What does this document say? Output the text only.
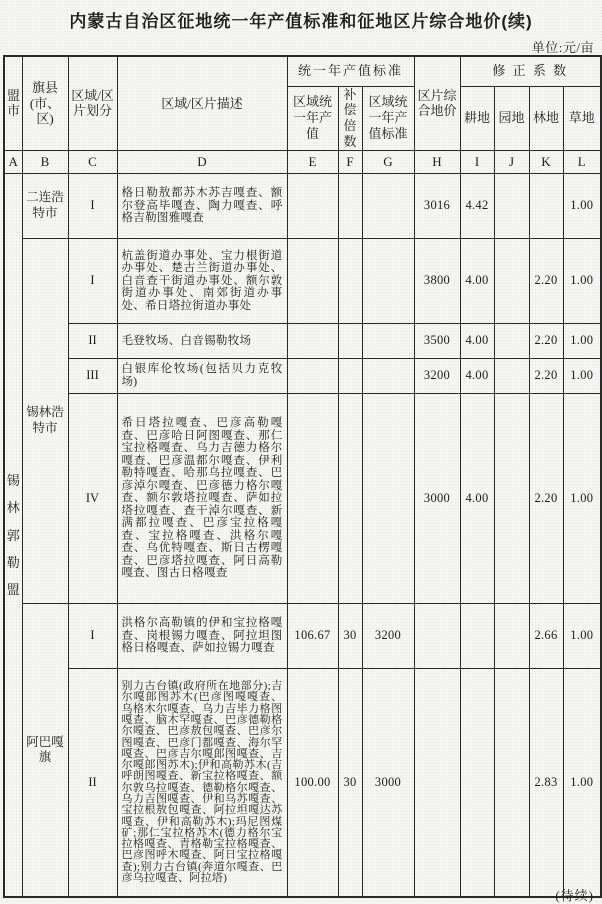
内蒙古自治区征地统一年产值标准和征地区片综合地价(续)
单位:元/亩
盟市	旗县(市、区)	区域/区片划分	区域/区片描述	统一年产值标准			区片综合地价	修 正 系 数			
				区域统一年产值	补偿倍数	区域统一年产值标准		耕地	园地	林地	草地
A	B	C	D	E	F	G	H	I	J	K	L
锡林郭勒盟	二连浩特市	I	格日勒敖都苏木苏吉嘎查、额尔登高毕嘎查、陶力嘎查、呼格吉勒图雅嘎查				3016	4.42			1.00
	锡林浩特市	I	杭盖街道办事处、宝力根街道办事处、楚古兰街道办事处、白音查干街道办事处、额尔敦街道办事处、南郊街道办事处、希日塔拉街道办事处				3800	4.00		2.20	1.00
		II	毛登牧场、白音锡勒牧场				3500	4.00		2.20	1.00
		III	白银库伦牧场(包括贝力克牧场)				3200	4.00		2.20	1.00
		IV	希日塔拉嘎查、巴彦高勒嘎查、巴彦哈日阿图嘎查、那仁宝拉格嘎查、乌力吉德力格尔嘎查、巴彦温都尔嘎查、伊利勒特嘎查、哈那乌拉嘎查、巴彦淖尔嘎查、巴彦德力格尔嘎查、额尔敦塔拉嘎查、萨如拉塔拉嘎查、查干淖尔嘎查、新满都拉嘎查、巴彦宝拉格嘎查、宝拉格嘎查、洪格尔嘎查、乌优特嘎查、斯日古楞嘎查、巴彦塔拉嘎查、阿日高勒嘎查、图古日格嘎查				3000	4.00		2.20	1.00
	阿巴嘎旗	I	洪格尔高勒镇的伊和宝拉格嘎查、岗根锡力嘎查、阿拉坦图格日格嘎查、萨如拉锡力嘎查	106.67	30	3200				2.66	1.00
		II	别力古台镇(政府所在地部分);吉尔嘎郎图苏木(巴彦图嘎嘎查、乌格木尔嘎查、乌力吉毕力格图嘎查、脑木罕嘎查、巴彦德勒格尔嘎查、巴彦敖包嘎查、巴彦尔图嘎查、巴彦门都嘎查、海尔罕嘎查、巴彦吉尔嘎郎图嘎查、吉尔嘎郎图苏木);伊和高勒苏木(吉呼朗图嘎查、新宝拉格嘎查、额尔敦乌拉嘎查、德勒格尔嘎查、乌力吉图嘎查、伊和乌苏嘎查、宝拉根敖包嘎查、阿拉坦嘎达苏嘎查、伊和高勒苏木);玛尼图煤矿;那仁宝拉格苏木(德力格尔宝拉格嘎查、青格勒宝拉格嘎查、巴彦图呼木嘎查、阿日宝拉格嘎查);别力古台镇(奔道尔嘎查、巴彦乌拉嘎查、阿拉塔)	100.00	30	3000				2.83	1.00
(待续)
